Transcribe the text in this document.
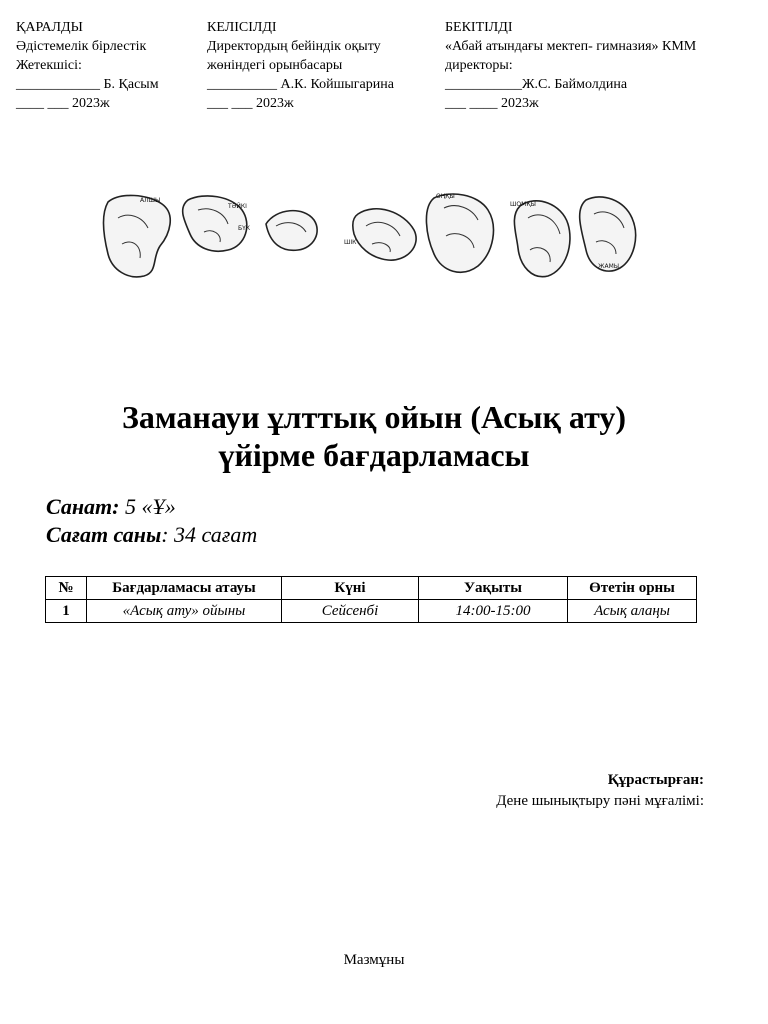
ҚАРАЛДЫ
Әдістемелік бірлестік
Жетекшісі:
____________ Б. Қасым
____ ___ 2023ж
КЕЛІСІЛДІ
Директордың бейіндік оқыту
жөніндегі орынбасары
__________ А.К. Койшыгарина
___ ___ 2023ж
БЕКІТІЛДІ
«Абай атындағы мектеп- гимназия» КММ
директоры:
___________Ж.С. Баймолдина
___ ____ 2023ж
АЛШЫ
ТӘЙКІ
БҮК
ШІК
ОҢҚЫ
ШОМҚЫ
ЖАМЫ
Заманауи ұлттық ойын (Асық ату)
үйірме бағдарламасы
Санат: 5 «Ұ»
Сағат саны: 34 сағат
№	Бағдарламасы атауы	Күні	Уақыты	Өтетін орны
1	«Асық ату» ойыны	Сейсенбі	14:00-15:00	Асық алаңы
Құрастырған:
Дене шынықтыру пәні мұғалімі:
Мазмұны
